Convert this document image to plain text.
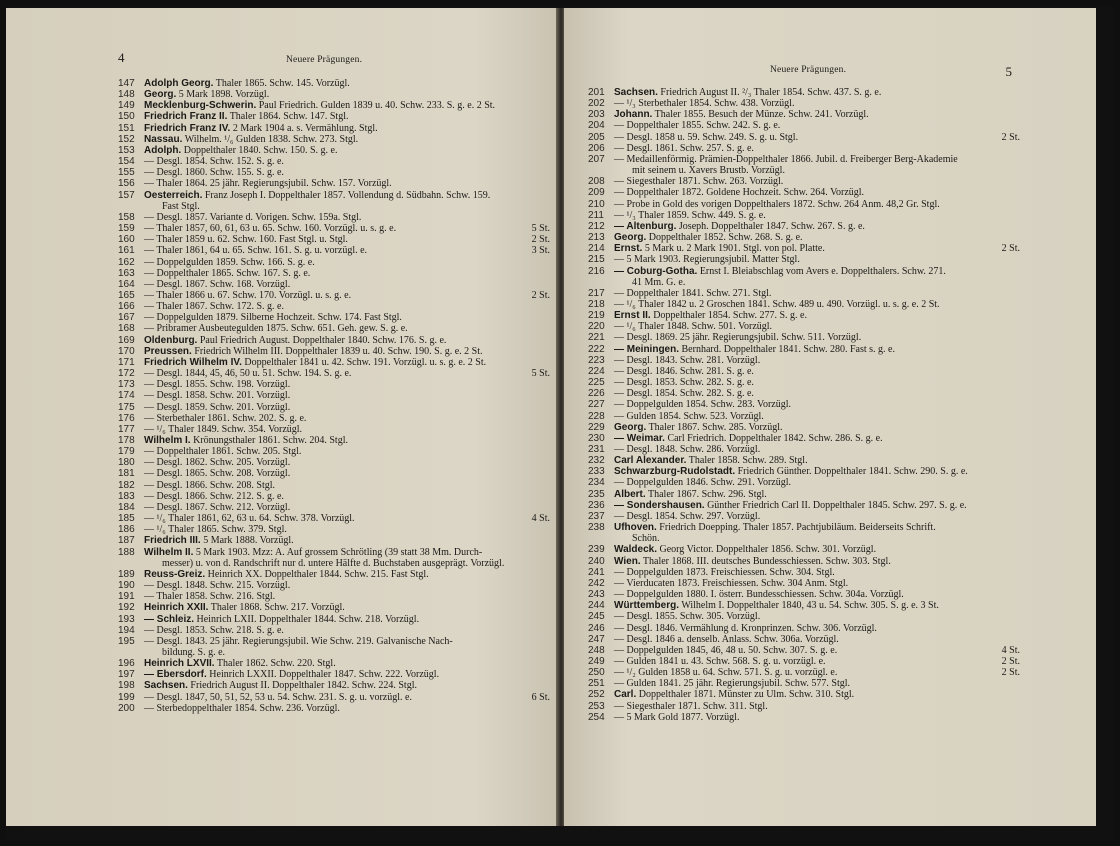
4	Neuere Prägungen.
147 Adolph Georg. Thaler 1865. Schw. 145. Vorzügl.
148 Georg. 5 Mark 1898. Vorzügl.
149 Mecklenburg-Schwerin. Paul Friedrich. Gulden 1839 u. 40. Schw. 233. S. g. e. 2 St.
150 Friedrich Franz II. Thaler 1864. Schw. 147. Stgl.
151 Friedrich Franz IV. 2 Mark 1904 a. s. Vermählung. Stgl.
152 Nassau. Wilhelm. ¹/₆ Gulden 1838. Schw. 273. Stgl.
153 Adolph. Doppelthaler 1840. Schw. 150. S. g. e.
154 — Desgl. 1854. Schw. 152. S. g. e.
155 — Desgl. 1860. Schw. 155. S. g. e.
156 — Thaler 1864. 25 jähr. Regierungsjubil. Schw. 157. Vorzügl.
157 Oesterreich. Franz Joseph I. Doppelthaler 1857. Vollendung d. Südbahn. Schw. 159.
Fast Stgl.
158 — Desgl. 1857. Variante d. Vorigen. Schw. 159a. Stgl.
159 — Thaler 1857, 60, 61, 63 u. 65. Schw. 160. Vorzügl. u. s. g. e.	5 St.
160 — Thaler 1859 u. 62. Schw. 160. Fast Stgl. u. Stgl.	2 St.
161 — Thaler 1861, 64 u. 65. Schw. 161. S. g. u. vorzügl. e.	3 St.
162 — Doppelgulden 1859. Schw. 166. S. g. e.
163 — Doppelthaler 1865. Schw. 167. S. g. e.
164 — Desgl. 1867. Schw. 168. Vorzügl.
165 — Thaler 1866 u. 67. Schw. 170. Vorzügl. u. s. g. e.	2 St.
166 — Thaler 1867. Schw. 172. S. g. e.
167 — Doppelgulden 1879. Silberne Hochzeit. Schw. 174. Fast Stgl.
168 — Pribramer Ausbeutegulden 1875. Schw. 651. Geh. gew. S. g. e.
169 Oldenburg. Paul Friedrich August. Doppelthaler 1840. Schw. 176. S. g. e.
170 Preussen. Friedrich Wilhelm III. Doppelthaler 1839 u. 40. Schw. 190. S. g. e. 2 St.
171 Friedrich Wilhelm IV. Doppelthaler 1841 u. 42. Schw. 191. Vorzügl. u. s. g. e. 2 St.
172 — Desgl. 1844, 45, 46, 50 u. 51. Schw. 194. S. g. e.	5 St.
173 — Desgl. 1855. Schw. 198. Vorzügl.
174 — Desgl. 1858. Schw. 201. Vorzügl.
175 — Desgl. 1859. Schw. 201. Vorzügl.
176 — Sterbethaler 1861. Schw. 202. S. g. e.
177 — ¹/₆ Thaler 1849. Schw. 354. Vorzügl.
178 Wilhelm I. Krönungsthaler 1861. Schw. 204. Stgl.
179 — Doppelthaler 1861. Schw. 205. Stgl.
180 — Desgl. 1862. Schw. 205. Vorzügl.
181 — Desgl. 1865. Schw. 208. Vorzügl.
182 — Desgl. 1866. Schw. 208. Stgl.
183 — Desgl. 1866. Schw. 212. S. g. e.
184 — Desgl. 1867. Schw. 212. Vorzügl.
185 — ¹/₆ Thaler 1861, 62, 63 u. 64. Schw. 378. Vorzügl.	4 St.
186 — ¹/₆ Thaler 1865. Schw. 379. Stgl.
187 Friedrich III. 5 Mark 1888. Vorzügl.
188 Wilhelm II. 5 Mark 1903. Mzz: A. Auf grossem Schrötling (39 statt 38 Mm. Durch-
messer) u. von d. Randschrift nur d. untere Hälfte d. Buchstaben ausgeprägt. Vorzügl.
189 Reuss-Greiz. Heinrich XX. Doppelthaler 1844. Schw. 215. Fast Stgl.
190 — Desgl. 1848. Schw. 215. Vorzügl.
191 — Thaler 1858. Schw. 216. Stgl.
192 Heinrich XXII. Thaler 1868. Schw. 217. Vorzügl.
193 — Schleiz. Heinrich LXII. Doppelthaler 1844. Schw. 218. Vorzügl.
194 — Desgl. 1853. Schw. 218. S. g. e.
195 — Desgl. 1843. 25 jähr. Regierungsjubil. Wie Schw. 219. Galvanische Nach-
bildung. S. g. e.
196 Heinrich LXVII. Thaler 1862. Schw. 220. Stgl.
197 — Ebersdorf. Heinrich LXXII. Doppelthaler 1847. Schw. 222. Vorzügl.
198 Sachsen. Friedrich August II. Doppelthaler 1842. Schw. 224. Stgl.
199 — Desgl. 1847, 50, 51, 52, 53 u. 54. Schw. 231. S. g. u. vorzügl. e.	6 St.
200 — Sterbedoppelthaler 1854. Schw. 236. Vorzügl.
5
Neuere Prägungen.
201 Sachsen. Friedrich August II. ²/₃ Thaler 1854. Schw. 437. S. g. e.
202 — ¹/₃ Sterbethaler 1854. Schw. 438. Vorzügl.
203 Johann. Thaler 1855. Besuch der Münze. Schw. 241. Vorzügl.
204 — Doppelthaler 1855. Schw. 242. S. g. e.
205 — Desgl. 1858 u. 59. Schw. 249. S. g. u. Stgl.	2 St.
206 — Desgl. 1861. Schw. 257. S. g. e.
207 — Medaillenförmig. Prämien-Doppelthaler 1866. Jubil. d. Freiberger Berg-Akademie
mit seinem u. Xavers Brustb. Vorzügl.
208 — Siegesthaler 1871. Schw. 263. Vorzügl.
209 — Doppelthaler 1872. Goldene Hochzeit. Schw. 264. Vorzügl.
210 — Probe in Gold des vorigen Doppelthalers 1872. Schw. 264 Anm. 48,2 Gr. Stgl.
211 — ¹/₃ Thaler 1859. Schw. 449. S. g. e.
212 — Altenburg. Joseph. Doppelthaler 1847. Schw. 267. S. g. e.
213 Georg. Doppelthaler 1852. Schw. 268. S. g. e.
214 Ernst. 5 Mark u. 2 Mark 1901. Stgl. von pol. Platte.	2 St.
215 — 5 Mark 1903. Regierungsjubil. Matter Stgl.
216 — Coburg-Gotha. Ernst I. Bleiabschlag vom Avers e. Doppelthalers. Schw. 271.
41 Mm. G. e.
217 — Doppelthaler 1841. Schw. 271. Stgl.
218 — ¹/₆ Thaler 1842 u. 2 Groschen 1841. Schw. 489 u. 490. Vorzügl. u. s. g. e. 2 St.
219 Ernst II. Doppelthaler 1854. Schw. 277. S. g. e.
220 — ¹/₆ Thaler 1848. Schw. 501. Vorzügl.
221 — Desgl. 1869. 25 jähr. Regierungsjubil. Schw. 511. Vorzügl.
222 — Meiningen. Bernhard. Doppelthaler 1841. Schw. 280. Fast s. g. e.
223 — Desgl. 1843. Schw. 281. Vorzügl.
224 — Desgl. 1846. Schw. 281. S. g. e.
225 — Desgl. 1853. Schw. 282. S. g. e.
226 — Desgl. 1854. Schw. 282. S. g. e.
227 — Doppelgulden 1854. Schw. 283. Vorzügl.
228 — Gulden 1854. Schw. 523. Vorzügl.
229 Georg. Thaler 1867. Schw. 285. Vorzügl.
230 — Weimar. Carl Friedrich. Doppelthaler 1842. Schw. 286. S. g. e.
231 — Desgl. 1848. Schw. 286. Vorzügl.
232 Carl Alexander. Thaler 1858. Schw. 289. Stgl.
233 Schwarzburg-Rudolstadt. Friedrich Günther. Doppelthaler 1841. Schw. 290. S. g. e.
234 — Doppelgulden 1846. Schw. 291. Vorzügl.
235 Albert. Thaler 1867. Schw. 296. Stgl.
236 — Sondershausen. Günther Friedrich Carl II. Doppelthaler 1845. Schw. 297. S. g. e.
237 — Desgl. 1854. Schw. 297. Vorzügl.
238 Ufhoven. Friedrich Doepping. Thaler 1857. Pachtjubiläum. Beiderseits Schrift.
Schön.
239 Waldeck. Georg Victor. Doppelthaler 1856. Schw. 301. Vorzügl.
240 Wien. Thaler 1868. III. deutsches Bundesschiessen. Schw. 303. Stgl.
241 — Doppelgulden 1873. Freischiessen. Schw. 304. Stgl.
242 — Vierducaten 1873. Freischiessen. Schw. 304 Anm. Stgl.
243 — Doppelgulden 1880. I. österr. Bundesschiessen. Schw. 304a. Vorzügl.
244 Württemberg. Wilhelm I. Doppelthaler 1840, 43 u. 54. Schw. 305. S. g. e. 3 St.
245 — Desgl. 1855. Schw. 305. Vorzügl.
246 — Desgl. 1846. Vermählung d. Kronprinzen. Schw. 306. Vorzügl.
247 — Desgl. 1846 a. denselb. Anlass. Schw. 306a. Vorzügl.
248 — Doppelgulden 1845, 46, 48 u. 50. Schw. 307. S. g. e.	4 St.
249 — Gulden 1841 u. 43. Schw. 568. S. g. u. vorzügl. e.	2 St.
250 — ¹/₂ Gulden 1858 u. 64. Schw. 571. S. g. u. vorzügl. e.	2 St.
251 — Gulden 1841. 25 jähr. Regierungsjubil. Schw. 577. Stgl.
252 Carl. Doppelthaler 1871. Münster zu Ulm. Schw. 310. Stgl.
253 — Siegesthaler 1871. Schw. 311. Stgl.
254 — 5 Mark Gold 1877. Vorzügl.
